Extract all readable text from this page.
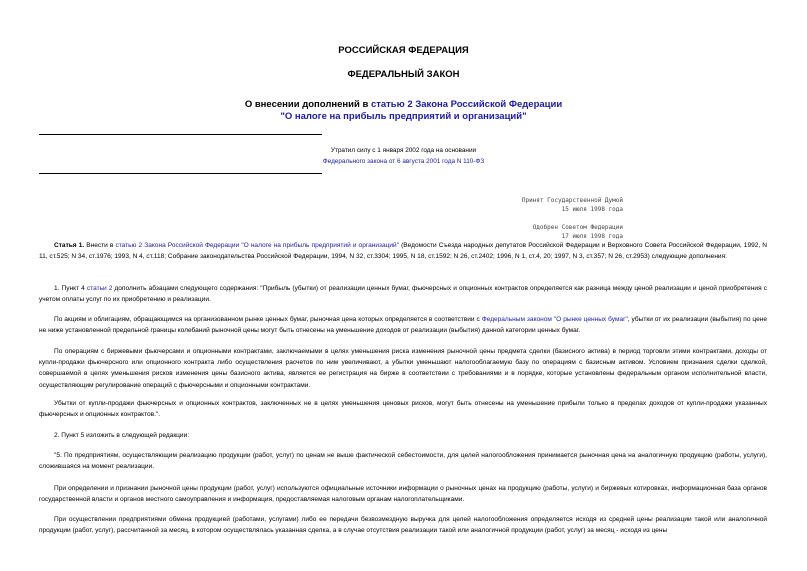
РОССИЙСКАЯ ФЕДЕРАЦИЯ
ФЕДЕРАЛЬНЫЙ ЗАКОН
О внесении дополнений в статью 2 Закона Российской Федерации
"О налоге на прибыль предприятий и организаций"
Утратил силу с 1 января 2002 года на основании
Федерального закона от 6 августа 2001 года N 110-ФЗ
Принят Государственной Думой
15 июля 1998 года

Одобрен Советом Федерации
17 июля 1998 года

Статья 1. Внести в статью 2 Закона Российской Федерации "О налоге на прибыль предприятий и организаций" (Ведомости Съезда народных депутатов Российской Федерации и Верховного Совета Российской Федерации, 1992, N 11, ст.525; N 34, ст.1976; 1993, N 4, ст.118; Собрание законодательства Российской Федерации, 1994, N 32, ст.3304; 1995, N 18, ст.1592; N 26, ст.2402; 1996, N 1, ст.4, 20; 1997, N 3, ст.357; N 26, ст.2953) следующие дополнения:

1. Пункт 4 статьи 2 дополнить абзацами следующего содержания: "Прибыль (убытки) от реализации ценных бумаг, фьючерсных и опционных контрактов определяется как разница между ценой реализации и ценой приобретения с учетом оплаты услуг по их приобретению и реализации.

По акциям и облигациям, обращающимся на организованном рынке ценных бумаг, рыночная цена которых определяется в соответствии с Федеральным законом "О рынке ценных бумаг", убытки от их реализации (выбытия) по цене не ниже установленной предельной границы колебаний рыночной цены могут быть отнесены на уменьшение доходов от реализации (выбытия) данной категории ценных бумаг.

По операциям с биржевыми фьючерсами и опционными контрактами, заключаемыми в целях уменьшения риска изменения рыночной цены предмета сделки (базисного актива) в период торговли этими контрактами, доходы от купли-продажи фьючерсного или опционного контракта либо осуществления расчетов по ним увеличивают, а убытки уменьшают налогооблагаемую базу по операциям с базисным активом. Условием признания сделки сделкой, совершаемой в целях уменьшения рисков изменения цены базисного актива, является ее регистрация на бирже в соответствии с требованиями и в порядке, которые установлены федеральным органом исполнительной власти, осуществляющим регулирование операций с фьючерсными и опционными контрактами.

Убытки от купли-продажи фьючерсных и опционных контрактов, заключенных не в целях уменьшения ценовых рисков, могут быть отнесены на уменьшение прибыли только в пределах доходов от купли-продажи указанных фьючерсных и опционных контрактов.".

2. Пункт 5 изложить в следующей редакции:

"5. По предприятиям, осуществляющим реализацию продукции (работ, услуг) по ценам не выше фактической себестоимости, для целей налогообложения принимается рыночная цена на аналогичную продукцию (работы, услуги), сложившаяся на момент реализации.

При определении и признании рыночной цены продукции (работ, услуг) используются официальные источники информации о рыночных ценах на продукцию (работы, услуги) и биржевых котировках, информационная база органов государственной власти и органов местного самоуправления и информация, предоставляемая налоговым органам налогоплательщиками.

При осуществлении предприятиями обмена продукцией (работами, услугами) либо ее передачи безвозмездную выручка для целей налогообложения определяется исходя из средней цены реализации такой или аналогичной продукции (работ, услуг), рассчитанной за месяц, в котором осуществлялась указанная сделка, а в случае отсутствия реализации такой или аналогичной продукции (работ, услуг) за месяц - исходя из цены
